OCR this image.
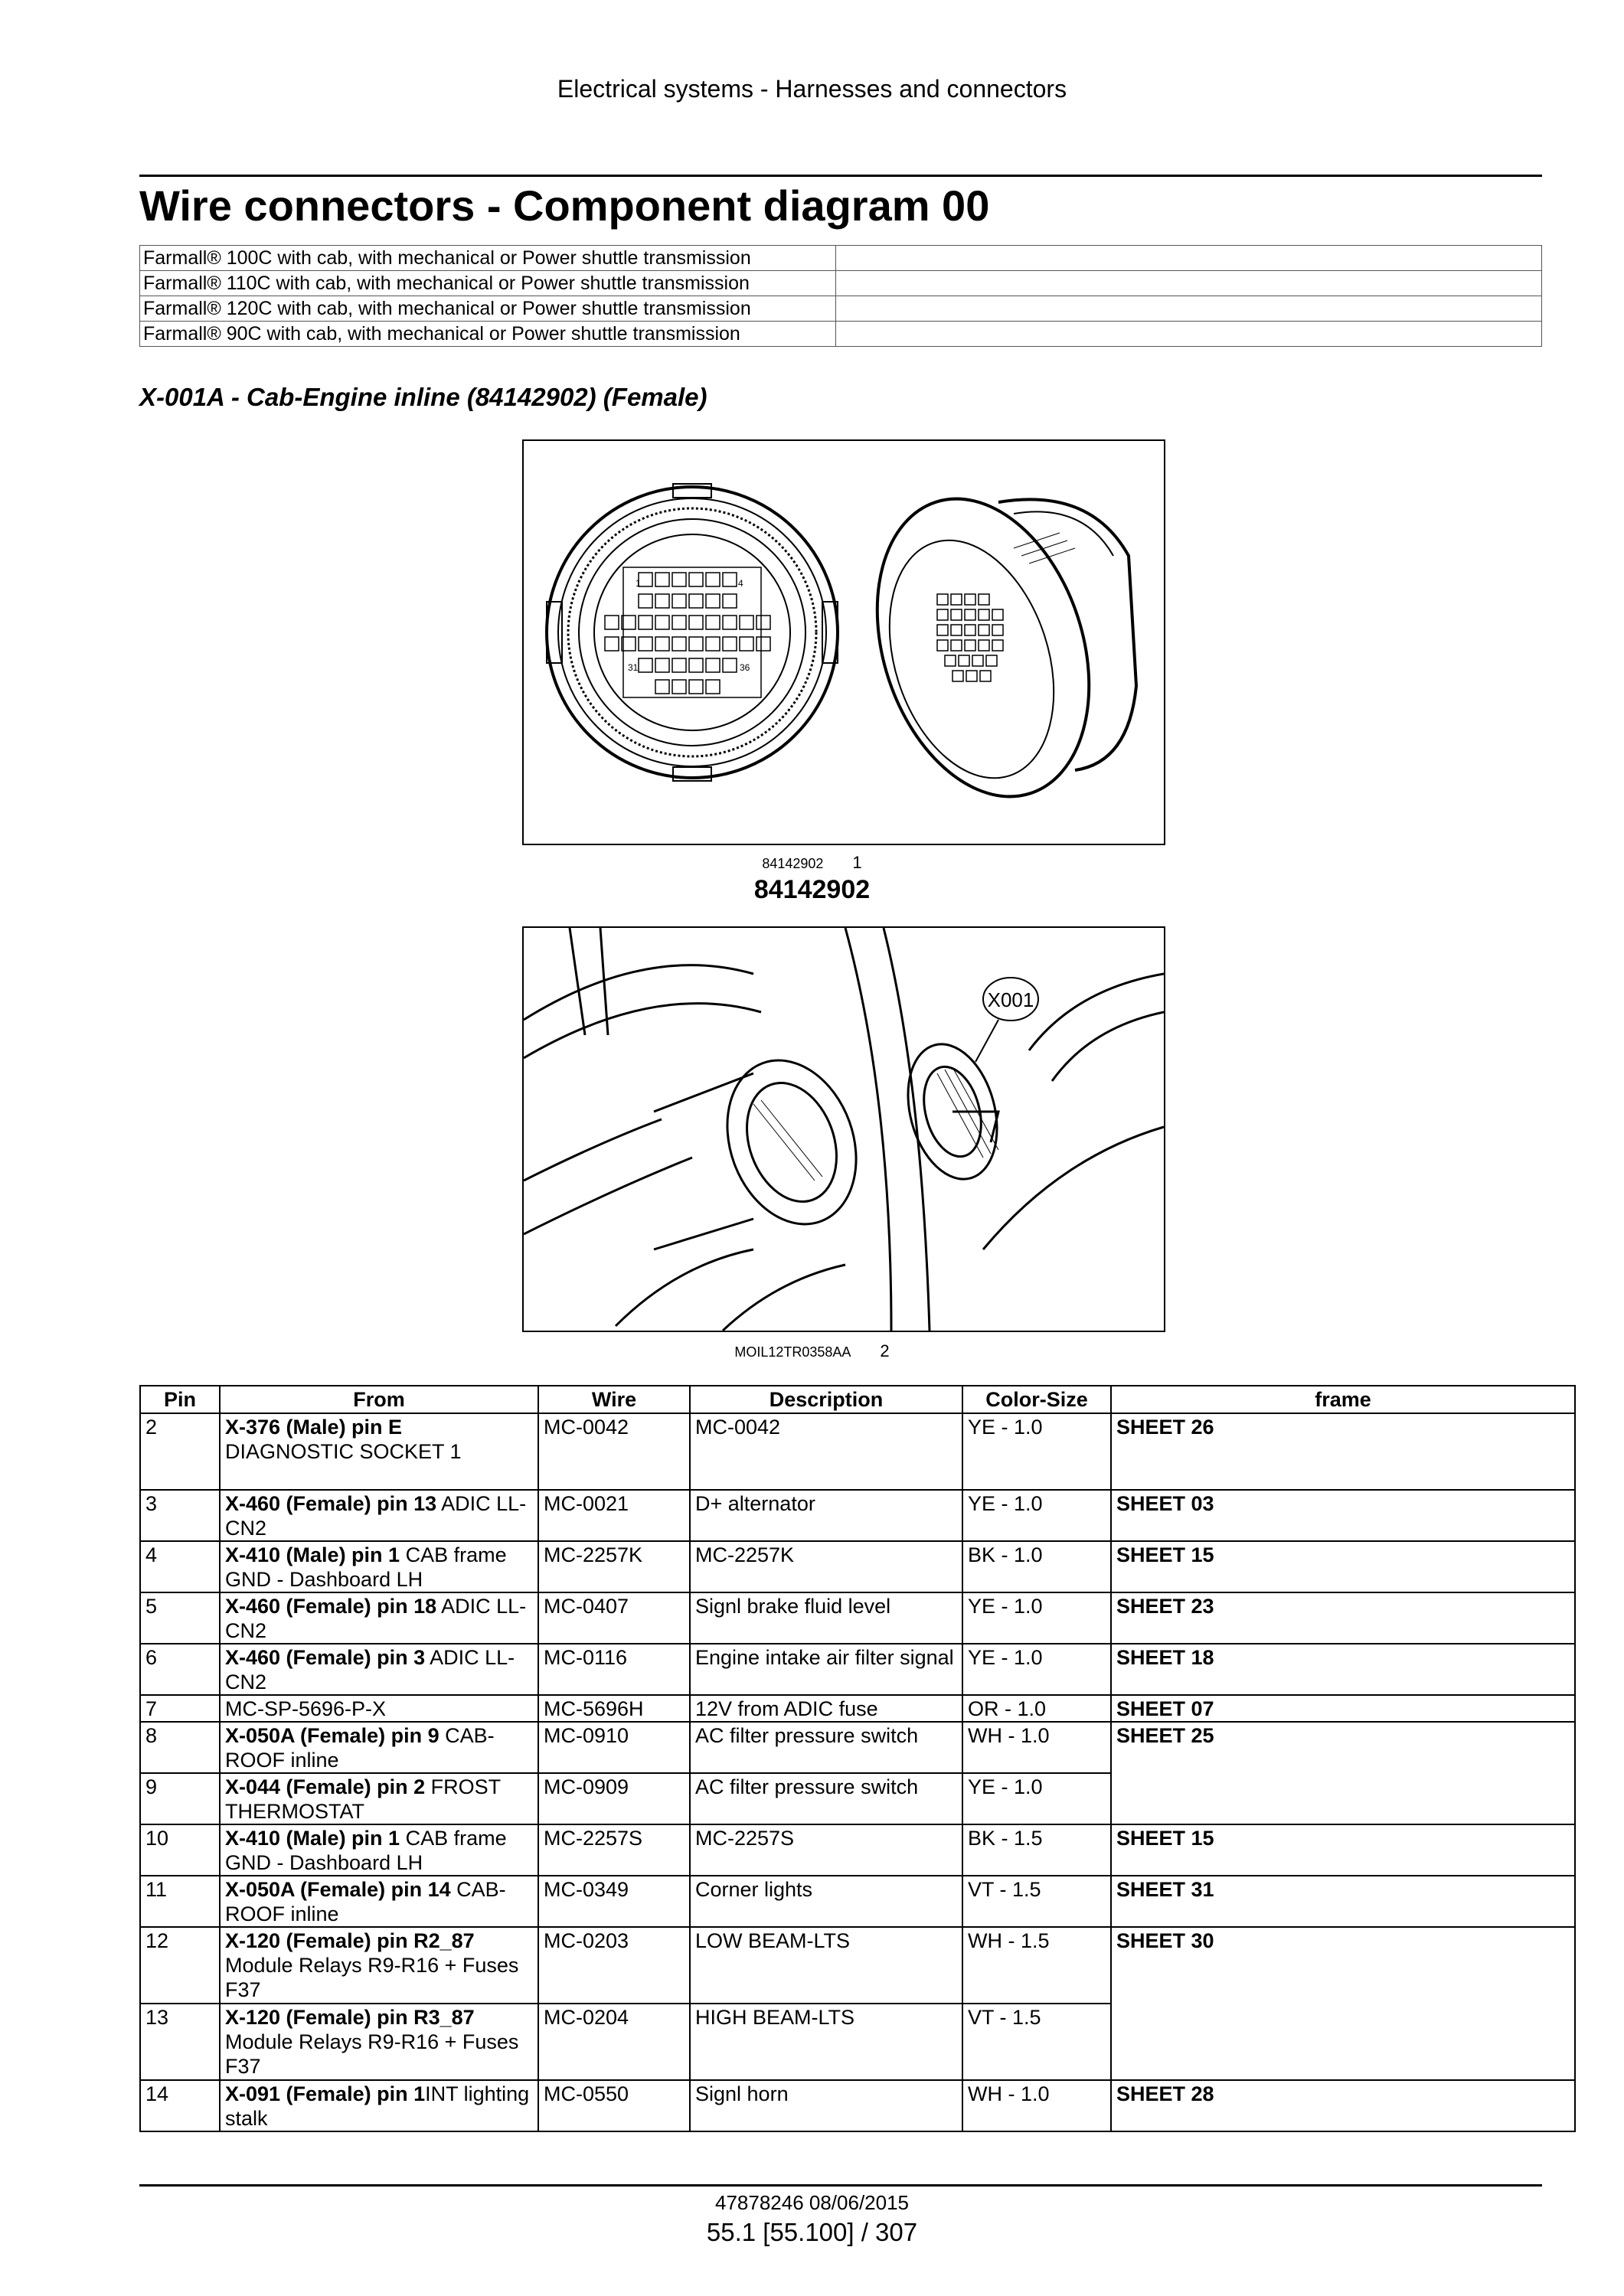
Electrical systems - Harnesses and connectors
Wire connectors - Component diagram 00
Farmall® 100C with cab, with mechanical or Power shuttle transmission	
Farmall® 110C with cab, with mechanical or Power shuttle transmission	
Farmall® 120C with cab, with mechanical or Power shuttle transmission	
Farmall® 90C with cab, with mechanical or Power shuttle transmission	
X-001A - Cab-Engine inline (84142902) (Female)
1	4
31	36
84142902 1
84142902
X001
MOIL12TR0358AA 2
Pin	From	Wire	Description	Color-Size	frame
2	X-376 (Male) pin E DIAGNOSTIC SOCKET 1	MC-0042	MC-0042	YE - 1.0	SHEET 26
3	X-460 (Female) pin 13 ADIC LL-CN2	MC-0021	D+ alternator	YE - 1.0	SHEET 03
4	X-410 (Male) pin 1 CAB frame GND - Dashboard LH	MC-2257K	MC-2257K	BK - 1.0	SHEET 15
5	X-460 (Female) pin 18 ADIC LL-CN2	MC-0407	Signl brake fluid level	YE - 1.0	SHEET 23
6	X-460 (Female) pin 3 ADIC LL-CN2	MC-0116	Engine intake air filter signal	YE - 1.0	SHEET 18
7	MC-SP-5696-P-X	MC-5696H	12V from ADIC fuse	OR - 1.0	SHEET 07
8	X-050A (Female) pin 9 CAB-ROOF inline	MC-0910	AC filter pressure switch	WH - 1.0	SHEET 25
9	X-044 (Female) pin 2 FROST THERMOSTAT	MC-0909	AC filter pressure switch	YE - 1.0	
10	X-410 (Male) pin 1 CAB frame GND - Dashboard LH	MC-2257S	MC-2257S	BK - 1.5	SHEET 15
11	X-050A (Female) pin 14 CAB-ROOF inline	MC-0349	Corner lights	VT - 1.5	SHEET 31
12	X-120 (Female) pin R2_87 Module Relays R9-R16 + Fuses F37	MC-0203	LOW BEAM-LTS	WH - 1.5	SHEET 30
13	X-120 (Female) pin R3_87 Module Relays R9-R16 + Fuses F37	MC-0204	HIGH BEAM-LTS	VT - 1.5	
14	X-091 (Female) pin 1INT lighting stalk	MC-0550	Signl horn	WH - 1.0	SHEET 28
47878246 08/06/2015
55.1 [55.100] / 307
